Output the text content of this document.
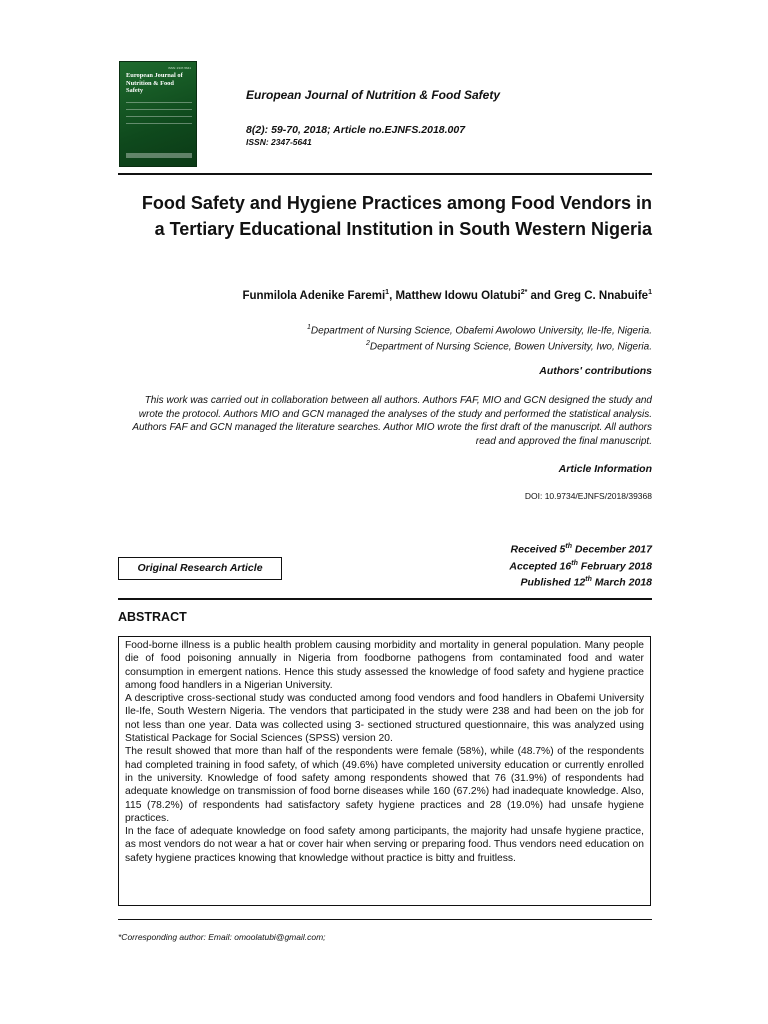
ISSN: 2347-5641
European Journal of Nutrition & Food Safety	European Journal of Nutrition & Food Safety
8(2): 59-70, 2018; Article no.EJNFS.2018.007
ISSN: 2347-5641
Food Safety and Hygiene Practices among Food Vendors in a Tertiary Educational Institution in South Western Nigeria
Funmilola Adenike Faremi$^1$, Matthew Idowu Olatubi$^{2*}$ and Greg C. Nnabuife$^1$
$^1$Department of Nursing Science, Obafemi Awolowo University, Ile-Ife, Nigeria.
$^2$Department of Nursing Science, Bowen University, Iwo, Nigeria.
Authors' contributions
This work was carried out in collaboration between all authors. Authors FAF, MIO and GCN designed the study and wrote the protocol. Authors MIO and GCN managed the analyses of the study and performed the statistical analysis. Authors FAF and GCN managed the literature searches. Author MIO wrote the first draft of the manuscript. All authors read and approved the final manuscript.
Article Information
DOI: 10.9734/EJNFS/2018/39368
Original Research Article
Received 5th December 2017
Accepted 16th February 2018
Published 12th March 2018
ABSTRACT

Food-borne illness is a public health problem causing morbidity and mortality in general population. Many people die of food poisoning annually in Nigeria from foodborne pathogens from contaminated food and water consumption in emergent nations. Hence this study assessed the knowledge of food safety and hygiene practice among food handlers in a Nigerian University.

A descriptive cross-sectional study was conducted among food vendors and food handlers in Obafemi University Ile-Ife, South Western Nigeria. The vendors that participated in the study were 238 and had been on the job for not less than one year. Data was collected using 3- sectioned structured questionnaire, this was analyzed using Statistical Package for Social Sciences (SPSS) version 20.

The result showed that more than half of the respondents were female (58%), while (48.7%) of the respondents had completed training in food safety, of which (49.6%) have completed university education or currently enrolled in the university. Knowledge of food safety among respondents showed that 76 (31.9%) of respondents had adequate knowledge on transmission of food borne diseases while 160 (67.2%) had inadequate knowledge. Also, 115 (78.2%) of respondents had satisfactory safety hygiene practices and 28 (19.0%) had unsafe hygiene practices.

In the face of adequate knowledge on food safety among participants, the majority had unsafe hygiene practice, as most vendors do not wear a hat or cover hair when serving or preparing food. Thus vendors need education on safety hygiene practices knowing that knowledge without practice is bitty and fruitless.

*Corresponding author: Email: omoolatubi@gmail.com;
